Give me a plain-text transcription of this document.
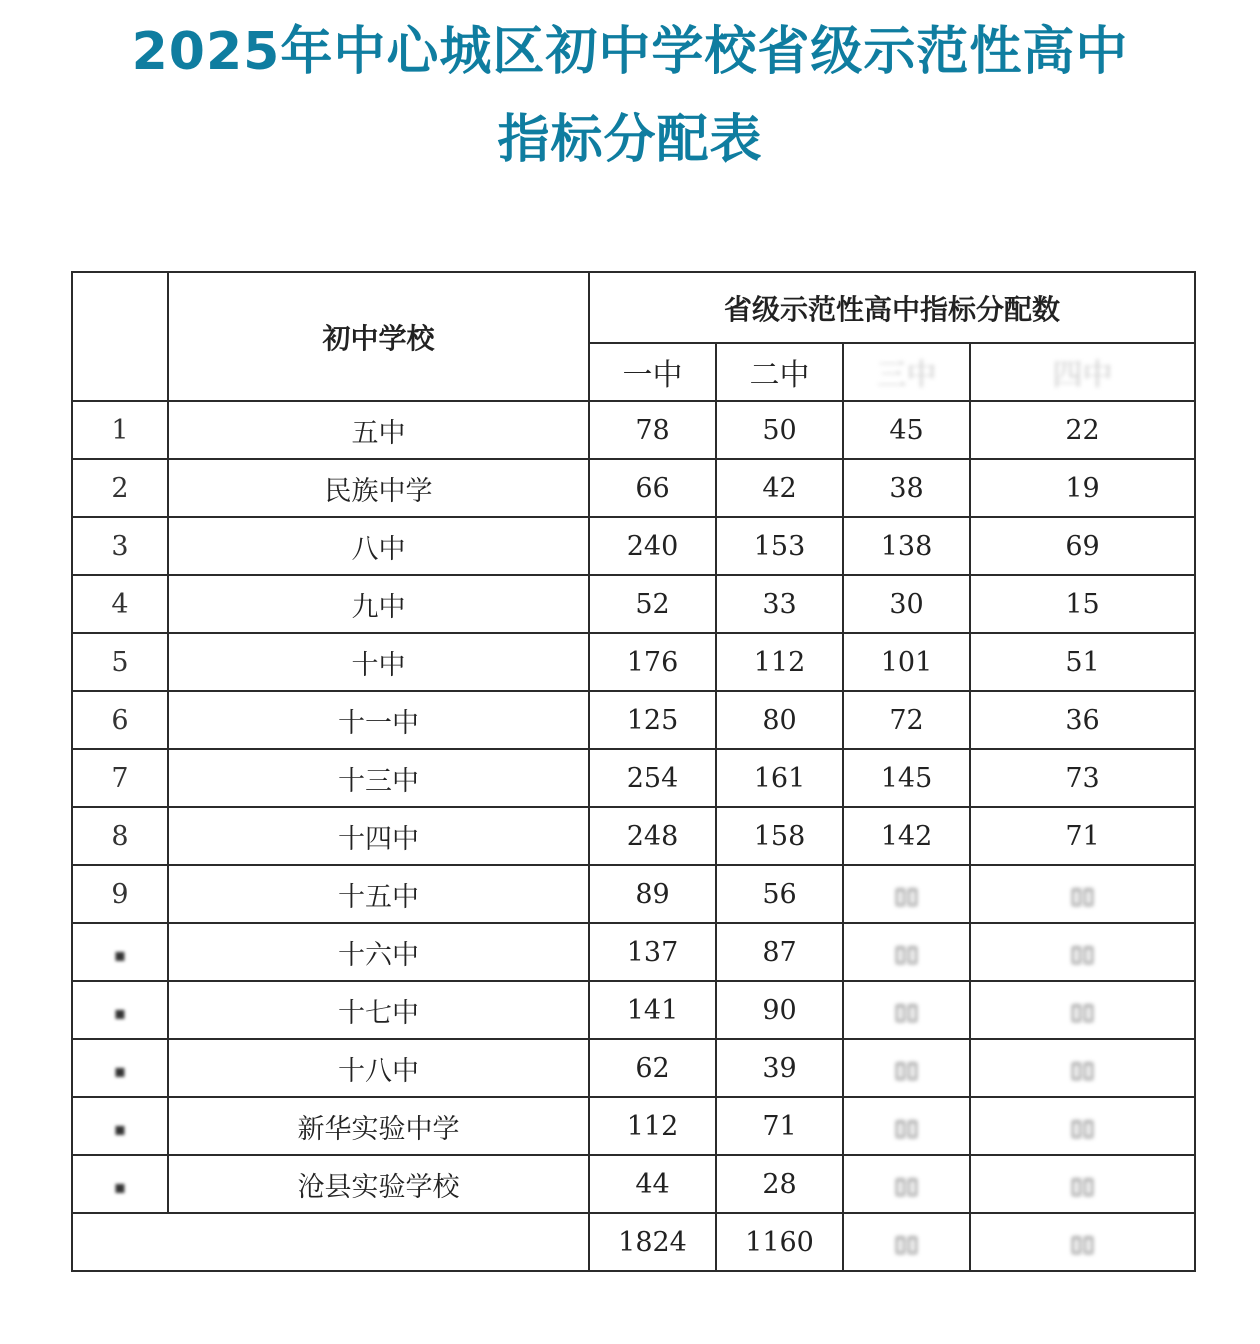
2025年中心城区初中学校省级示范性高中
指标分配表
	初中学校	省级示范性高中指标分配数			
		一中	二中	三中	四中
1	五中	78	50	45	22
2	民族中学	66	42	38	19
3	八中	240	153	138	69
4	九中	52	33	30	15
5	十中	176	112	101	51
6	十一中	125	80	72	36
7	十三中	254	161	145	73
8	十四中	248	158	142	71
9	十五中	89	56	▯▯	▯▯
▪	十六中	137	87	▯▯	▯▯
▪	十七中	141	90	▯▯	▯▯
▪	十八中	62	39	▯▯	▯▯
▪	新华实验中学	112	71	▯▯	▯▯
▪	沧县实验学校	44	28	▯▯	▯▯
		1824	1160	▯▯	▯▯
